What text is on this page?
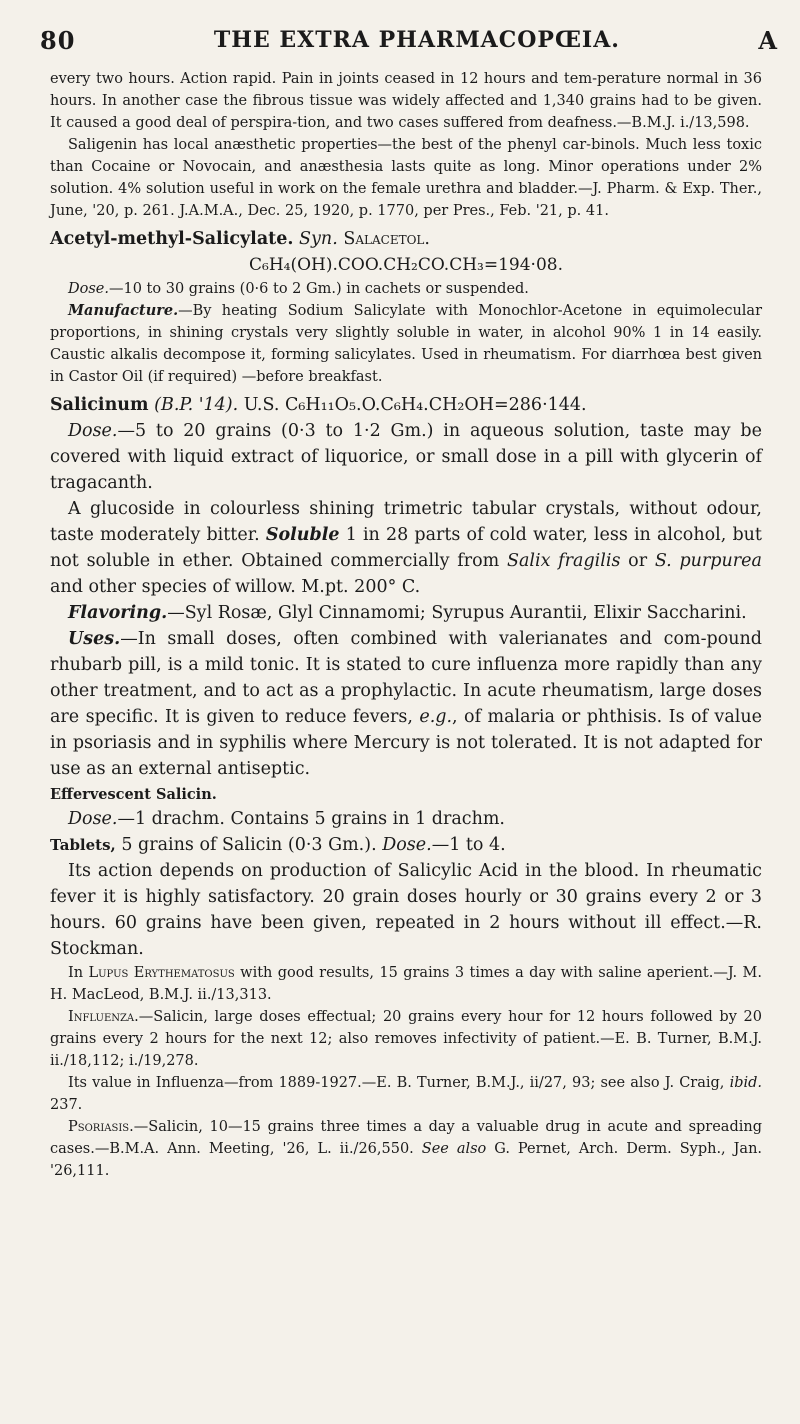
80	THE EXTRA PHARMACOPŒIA.	A

every two hours. Action rapid. Pain in joints ceased in 12 hours and tem-perature normal in 36 hours. In another case the fibrous tissue was widely affected and 1,340 grains had to be given. It caused a good deal of perspira-tion, and two cases suffered from deafness.—B.M.J. i./13,598.

Saligenin has local anæsthetic properties—the best of the phenyl car-binols. Much less toxic than Cocaine or Novocain, and anæsthesia lasts quite as long. Minor operations under 2% solution. 4% solution useful in work on the female urethra and bladder.—J. Pharm. & Exp. Ther., June, '20, p. 261. J.A.M.A., Dec. 25, 1920, p. 1770, per Pres., Feb. '21, p. 41.

Acetyl-methyl-Salicylate. Syn. Salacetol.

C₆H₄(OH).COO.CH₂CO.CH₃=194·08.

Dose.—10 to 30 grains (0·6 to 2 Gm.) in cachets or suspended.

Manufacture.—By heating Sodium Salicylate with Monochlor-Acetone in equimolecular proportions, in shining crystals very slightly soluble in water, in alcohol 90% 1 in 14 easily. Caustic alkalis decompose it, forming salicylates. Used in rheumatism. For diarrhœa best given in Castor Oil (if required) —before breakfast.

Salicinum (B.P. '14). U.S. C₆H₁₁O₅.O.C₆H₄.CH₂OH=286·144.

Dose.—5 to 20 grains (0·3 to 1·2 Gm.) in aqueous solution, taste may be covered with liquid extract of liquorice, or small dose in a pill with glycerin of tragacanth.

A glucoside in colourless shining trimetric tabular crystals, without odour, taste moderately bitter. Soluble 1 in 28 parts of cold water, less in alcohol, but not soluble in ether. Obtained commercially from Salix fragilis or S. purpurea and other species of willow. M.pt. 200° C.

Flavoring.—Syl Rosæ, Glyl Cinnamomi; Syrupus Aurantii, Elixir Saccharini.

Uses.—In small doses, often combined with valerianates and com-pound rhubarb pill, is a mild tonic. It is stated to cure influenza more rapidly than any other treatment, and to act as a prophylactic. In acute rheumatism, large doses are specific. It is given to reduce fevers, e.g., of malaria or phthisis. Is of value in psoriasis and in syphilis where Mercury is not tolerated. It is not adapted for use as an external antiseptic.

Effervescent Salicin.

Dose.—1 drachm. Contains 5 grains in 1 drachm.

Tablets, 5 grains of Salicin (0·3 Gm.). Dose.—1 to 4.

Its action depends on production of Salicylic Acid in the blood. In rheumatic fever it is highly satisfactory. 20 grain doses hourly or 30 grains every 2 or 3 hours. 60 grains have been given, repeated in 2 hours without ill effect.—R. Stockman.

In Lupus Erythematosus with good results, 15 grains 3 times a day with saline aperient.—J. M. H. MacLeod, B.M.J. ii./13,313.

Influenza.—Salicin, large doses effectual; 20 grains every hour for 12 hours followed by 20 grains every 2 hours for the next 12; also removes infectivity of patient.—E. B. Turner, B.M.J. ii./18,112; i./19,278.

Its value in Influenza—from 1889-1927.—E. B. Turner, B.M.J., ii/27, 93; see also J. Craig, ibid. 237.

Psoriasis.—Salicin, 10—15 grains three times a day a valuable drug in acute and spreading cases.—B.M.A. Ann. Meeting, '26, L. ii./26,550. See also G. Pernet, Arch. Derm. Syph., Jan. '26,111.
